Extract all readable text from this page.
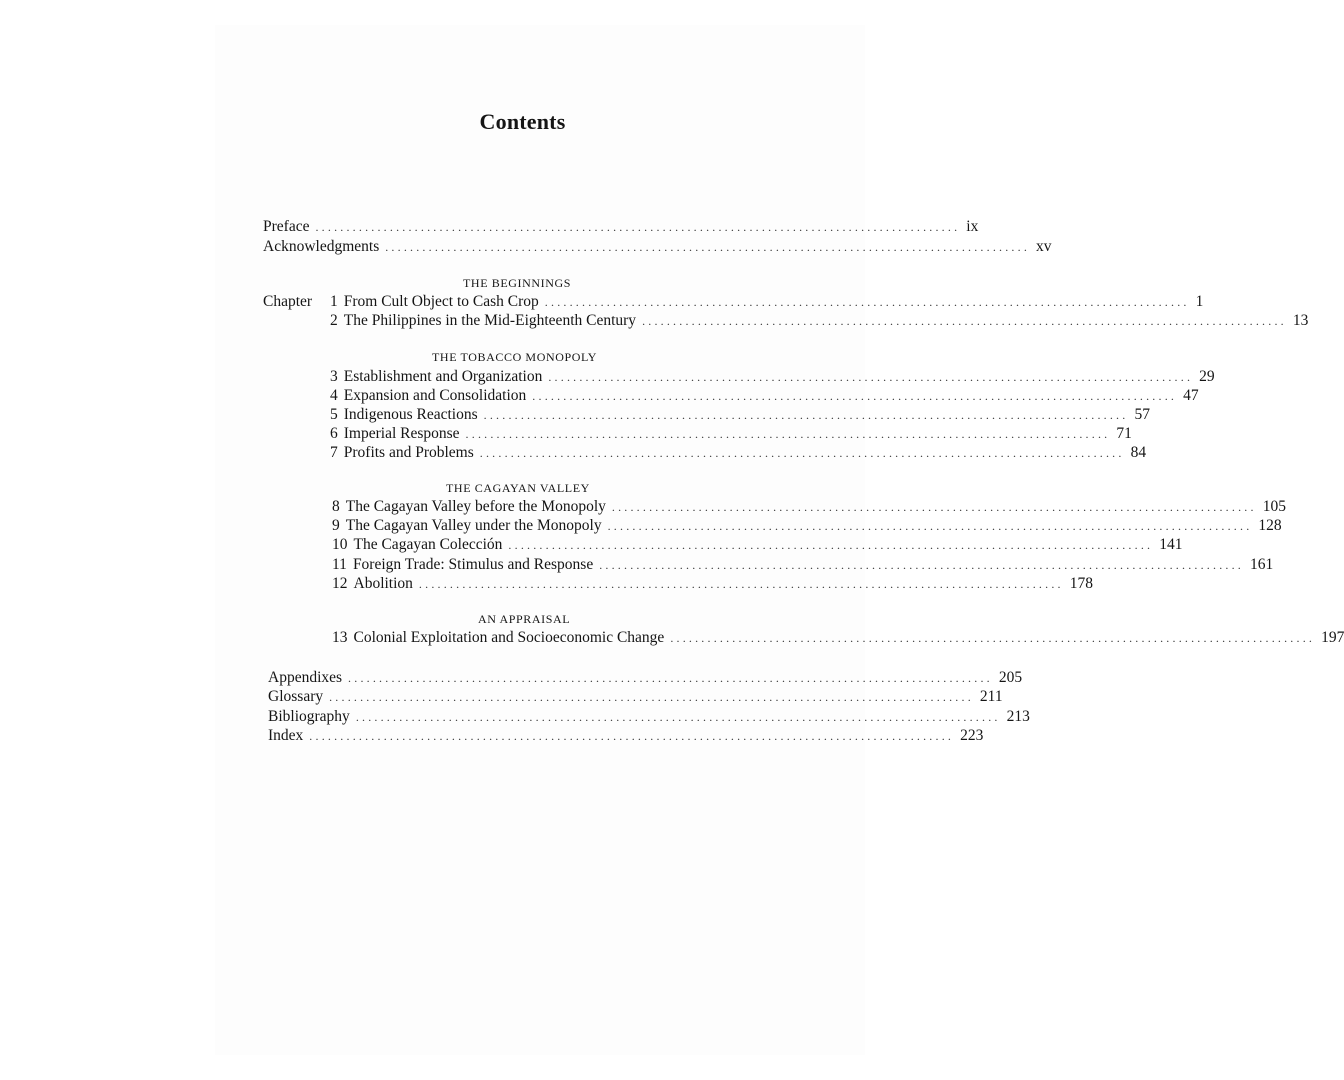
Contents
Preface ........................................................................................................ ix
Acknowledgments ........................................................................................................ xv
THE BEGINNINGS
Chapter 1 From Cult Object to Cash Crop ........................................................................................................ 1
2 The Philippines in the Mid-Eighteenth Century ........................................................................................................ 13
THE TOBACCO MONOPOLY
3 Establishment and Organization ........................................................................................................ 29
4 Expansion and Consolidation ........................................................................................................ 47
5 Indigenous Reactions ........................................................................................................ 57
6 Imperial Response ........................................................................................................ 71
7 Profits and Problems ........................................................................................................ 84
THE CAGAYAN VALLEY
8 The Cagayan Valley before the Monopoly ........................................................................................................ 105
9 The Cagayan Valley under the Monopoly ........................................................................................................ 128
10 The Cagayan Colección ........................................................................................................ 141
11 Foreign Trade: Stimulus and Response ........................................................................................................ 161
12 Abolition ........................................................................................................ 178
AN APPRAISAL
13 Colonial Exploitation and Socioeconomic Change ........................................................................................................ 197
Appendixes ........................................................................................................ 205
Glossary ........................................................................................................ 211
Bibliography ........................................................................................................ 213
Index ........................................................................................................ 223
